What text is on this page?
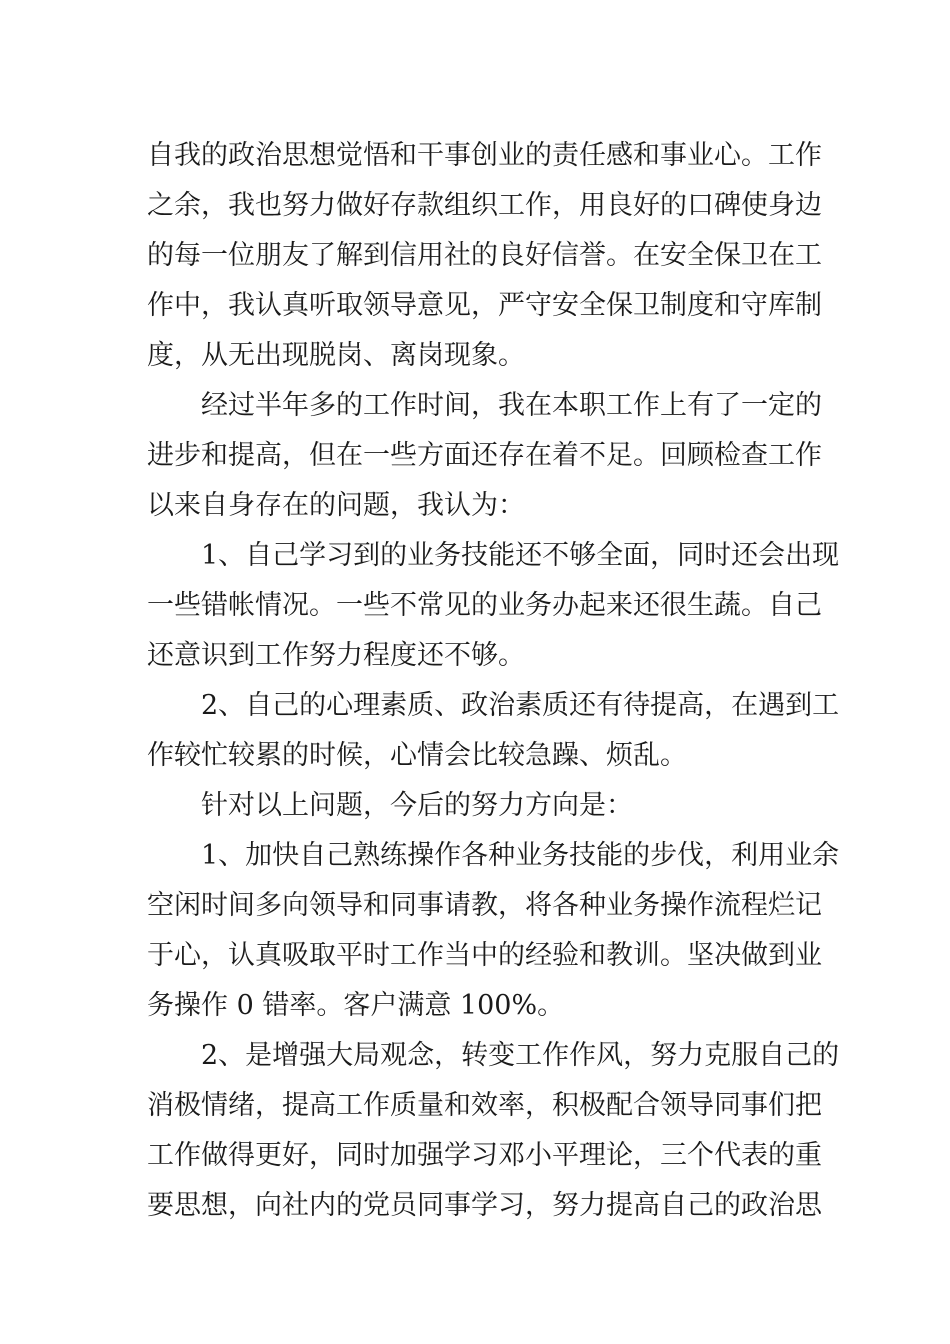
自我的政治思想觉悟和干事创业的责任感和事业心。工作
之余，我也努力做好存款组织工作，用良好的口碑使身边
的每一位朋友了解到信用社的良好信誉。在安全保卫在工
作中，我认真听取领导意见，严守安全保卫制度和守库制
度，从无出现脱岗、离岗现象。
经过半年多的工作时间，我在本职工作上有了一定的
进步和提高，但在一些方面还存在着不足。回顾检查工作
以来自身存在的问题，我认为：
1、自己学习到的业务技能还不够全面，同时还会出现
一些错帐情况。一些不常见的业务办起来还很生蔬。自己
还意识到工作努力程度还不够。
2、自己的心理素质、政治素质还有待提高，在遇到工
作较忙较累的时候，心情会比较急躁、烦乱。
针对以上问题，今后的努力方向是：
1、加快自己熟练操作各种业务技能的步伐，利用业余
空闲时间多向领导和同事请教，将各种业务操作流程烂记
于心，认真吸取平时工作当中的经验和教训。坚决做到业
务操作 0 错率。客户满意 100%。
2、是增强大局观念，转变工作作风，努力克服自己的
消极情绪，提高工作质量和效率，积极配合领导同事们把
工作做得更好，同时加强学习邓小平理论，三个代表的重
要思想，向社内的党员同事学习，努力提高自己的政治思
